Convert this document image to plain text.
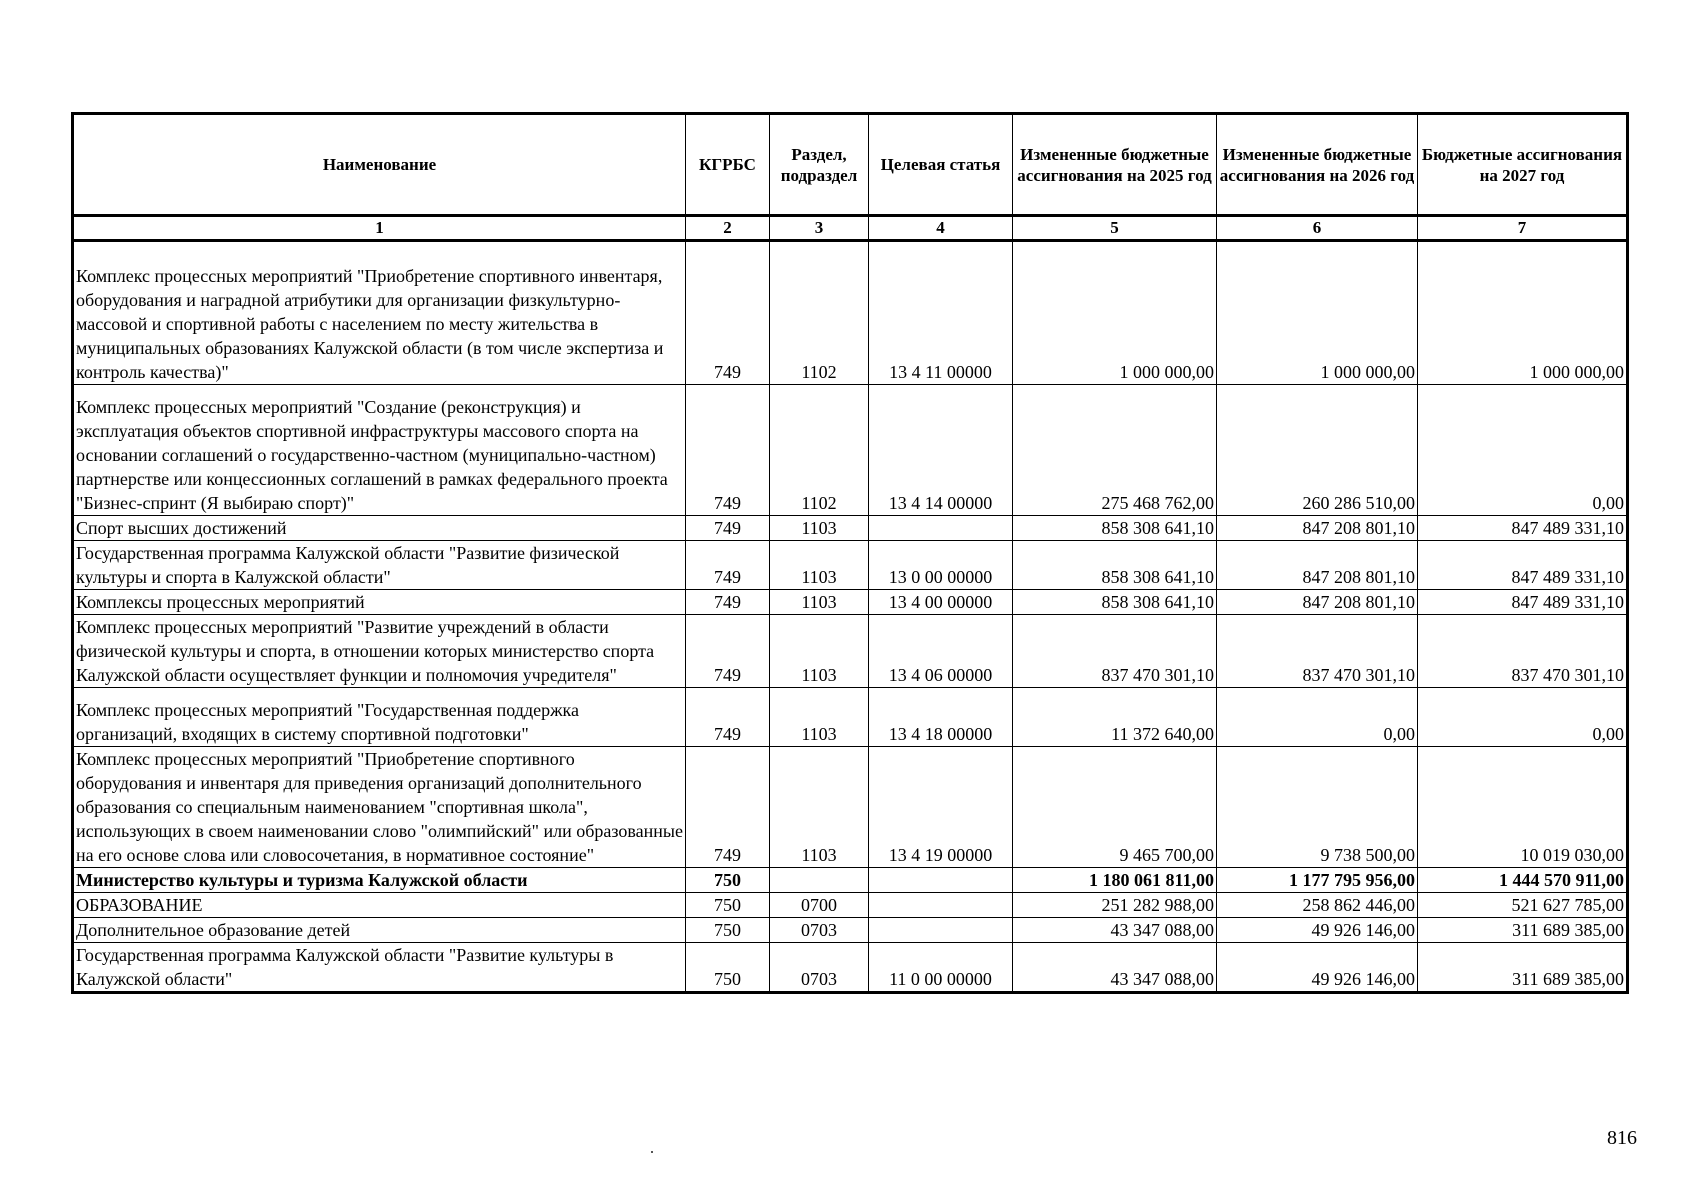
Наименование	КГРБС	Раздел, подраздел	Целевая статья	Измененные бюджетные ассигнования на 2025 год	Измененные бюджетные ассигнования на 2026 год	Бюджетные ассигнования на 2027 год
1	2	3	4	5	6	7
Комплекс процессных мероприятий "Приобретение спортивного инвентаря, оборудования и наградной атрибутики для организации физкультурно-массовой и спортивной работы с населением по месту жительства в муниципальных образованиях Калужской области (в том числе экспертиза и контроль качества)"	749	1102	13 4 11 00000	1 000 000,00	1 000 000,00	1 000 000,00
Комплекс процессных мероприятий "Создание (реконструкция) и эксплуатация объектов спортивной инфраструктуры массового спорта на основании соглашений о государственно-частном (муниципально-частном) партнерстве или концессионных соглашений в рамках федерального проекта "Бизнес-спринт (Я выбираю спорт)"	749	1102	13 4 14 00000	275 468 762,00	260 286 510,00	0,00
Спорт высших достижений	749	1103		858 308 641,10	847 208 801,10	847 489 331,10
Государственная программа Калужской области "Развитие физической культуры и спорта в Калужской области"	749	1103	13 0 00 00000	858 308 641,10	847 208 801,10	847 489 331,10
Комплексы процессных мероприятий	749	1103	13 4 00 00000	858 308 641,10	847 208 801,10	847 489 331,10
Комплекс процессных мероприятий "Развитие учреждений в области физической культуры и спорта, в отношении которых министерство спорта Калужской области осуществляет функции и полномочия учредителя"	749	1103	13 4 06 00000	837 470 301,10	837 470 301,10	837 470 301,10
Комплекс процессных мероприятий "Государственная поддержка организаций, входящих в систему спортивной подготовки"	749	1103	13 4 18 00000	11 372 640,00	0,00	0,00
Комплекс процессных мероприятий "Приобретение спортивного оборудования и инвентаря для приведения организаций дополнительного образования со специальным наименованием "спортивная школа", использующих в своем наименовании слово "олимпийский" или образованные на его основе слова или словосочетания, в нормативное состояние"	749	1103	13 4 19 00000	9 465 700,00	9 738 500,00	10 019 030,00
Министерство культуры и туризма Калужской области	750			1 180 061 811,00	1 177 795 956,00	1 444 570 911,00
ОБРАЗОВАНИЕ	750	0700		251 282 988,00	258 862 446,00	521 627 785,00
Дополнительное образование детей	750	0703		43 347 088,00	49 926 146,00	311 689 385,00
Государственная программа Калужской области "Развитие культуры в Калужской области"	750	0703	11 0 00 00000	43 347 088,00	49 926 146,00	311 689 385,00
816
